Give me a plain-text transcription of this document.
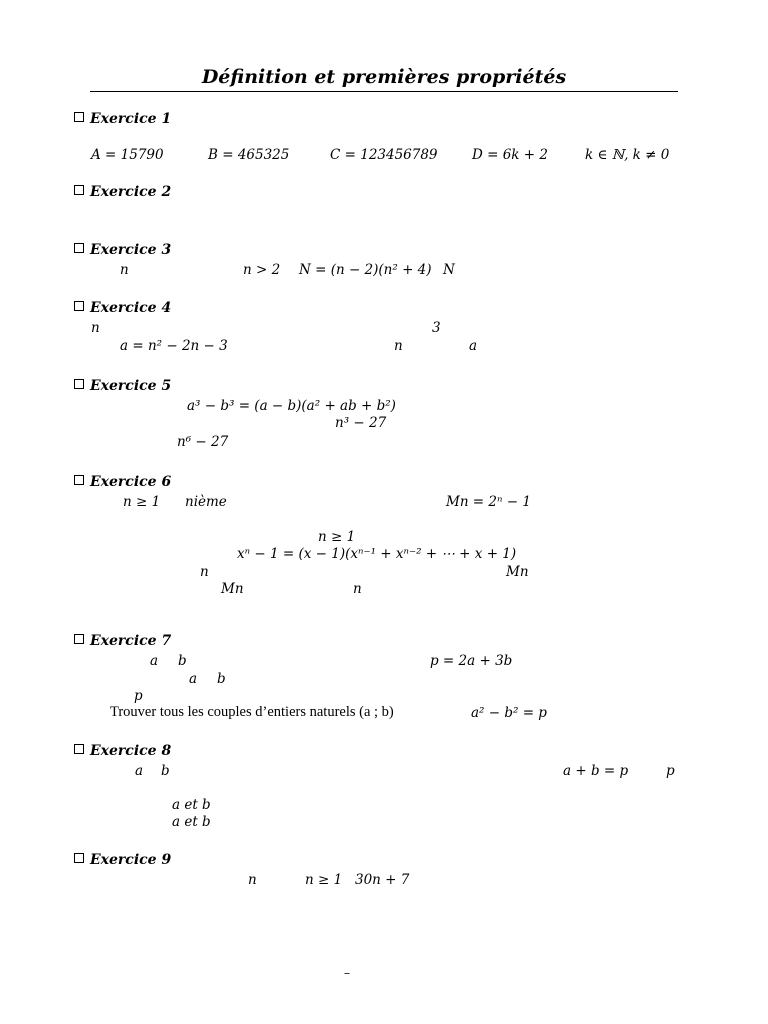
Définition et premières propriétés
Exercice 1
A = 15790	B = 465325	C = 123456789	D = 6k + 2	k ∈ ℕ, k ≠ 0
Exercice 2
Exercice 3
n	n > 2 N = (n − 2)(n² + 4) N
Exercice 4
n	3
a = n² − 2n − 3	n	a
Exercice 5
a³ − b³ = (a − b)(a² + ab + b²)
n³ − 27
n⁶ − 27
Exercice 6
n ≥ 1 nième	Mn = 2ⁿ − 1
n ≥ 1
xⁿ − 1 = (x − 1)(xⁿ⁻¹ + xⁿ⁻² + ⋯ + x + 1)
n	Mn
Mn	n
Exercice 7
a b	p = 2a + 3b
a b
p
Trouver tous les couples d’entiers naturels (a ; b)	a² − b² = p
Exercice 8
a b	a + b = p	p
a et b
a et b
Exercice 9
n	n ≥ 1 30n + 7
–
